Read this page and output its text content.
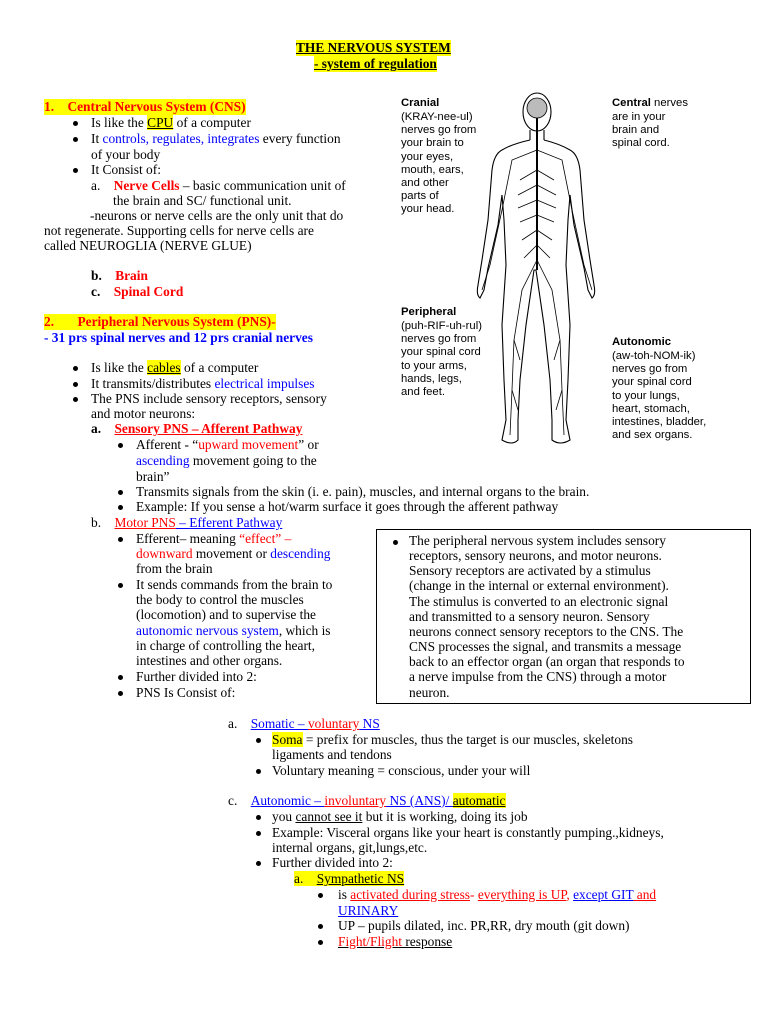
THE NERVOUS SYSTEM
- system of regulation
1. Central Nervous System (CNS)
Is like the CPU of a computer
It controls, regulates, integrates every function
of your body
It Consist of:
a. Nerve Cells – basic communication unit of
the brain and SC/ functional unit.
-neurons or nerve cells are the only unit that do
not regenerate. Supporting cells for nerve cells are
called NEUROGLIA (NERVE GLUE)
b. Brain
c. Spinal Cord
2. Peripheral Nervous System (PNS)-
- 31 prs spinal nerves and 12 prs cranial nerves
Is like the cables of a computer
It transmits/distributes electrical impulses
The PNS include sensory receptors, sensory
and motor neurons:
a. Sensory PNS – Afferent Pathway
Afferent - “upward movement” or
ascending movement going to the
brain”
Transmits signals from the skin (i. e. pain), muscles, and internal organs to the brain.
Example: If you sense a hot/warm surface it goes through the afferent pathway
b. Motor PNS – Efferent Pathway
Efferent– meaning “effect” –
downward movement or descending
from the brain
It sends commands from the brain to
the body to control the muscles
(locomotion) and to supervise the
autonomic nervous system, which is
in charge of controlling the heart,
intestines and other organs.
Further divided into 2:
PNS Is Consist of:
The peripheral nervous system includes sensory
receptors, sensory neurons, and motor neurons.
Sensory receptors are activated by a stimulus
(change in the internal or external environment).
The stimulus is converted to an electronic signal
and transmitted to a sensory neuron. Sensory
neurons connect sensory receptors to the CNS. The
CNS processes the signal, and transmits a message
back to an effector organ (an organ that responds to
a nerve impulse from the CNS) through a motor
neuron.
a. Somatic – voluntary NS
Soma = prefix for muscles, thus the target is our muscles, skeletons
ligaments and tendons
Voluntary meaning = conscious, under your will
c. Autonomic – involuntary NS (ANS)/ automatic
you cannot see it but it is working, doing its job
Example: Visceral organs like your heart is constantly pumping.,kidneys,
internal organs, git,lungs,etc.
Further divided into 2:
a. Sympathetic NS
is activated during stress- everything is UP, except GIT and
URINARY
UP – pupils dilated, inc. PR,RR, dry mouth (git down)
Fight/Flight response
Cranial
(KRAY-nee-ul)
nerves go from
your brain to
your eyes,
mouth, ears,
and other
parts of
your head.
Central nerves
are in your
brain and
spinal cord.
Peripheral
(puh-RIF-uh-rul)
nerves go from
your spinal cord
to your arms,
hands, legs,
and feet.
Autonomic
(aw-toh-NOM-ik)
nerves go from
your spinal cord
to your lungs,
heart, stomach,
intestines, bladder,
and sex organs.
